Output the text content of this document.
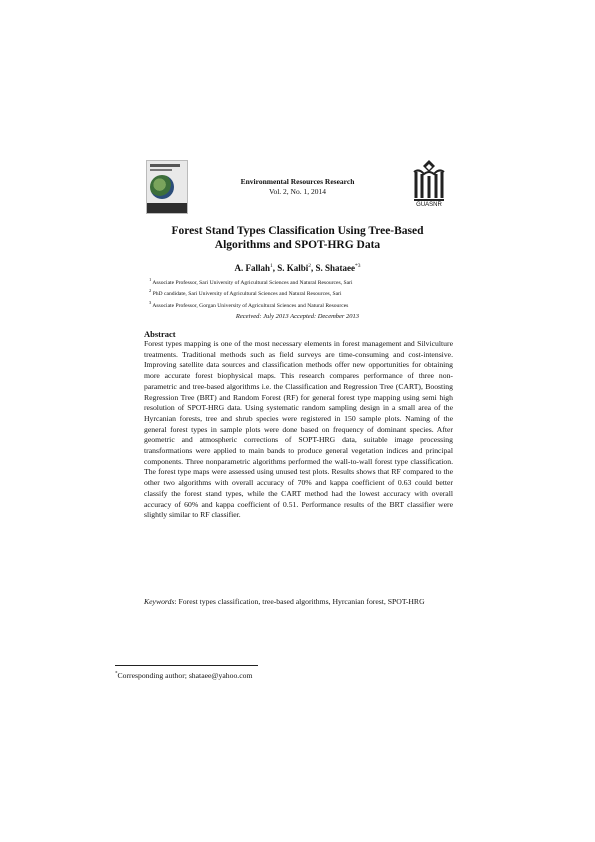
Environmental Resources Research
Vol. 2, No. 1, 2014
GUASNR
Forest Stand Types Classification Using Tree-Based
Algorithms and SPOT-HRG Data
A. Fallah$^1$, S. Kalbi$^2$, S. Shataee$^{*3}$
$^1$ Associate Professor, Sari University of Agricultural Sciences and Natural Resources, Sari
$^2$ PhD candidate, Sari University of Agricultural Sciences and Natural Resources, Sari
$^3$ Associate Professor, Gorgan University of Agricultural Sciences and Natural Resources
Received: July 2013 Accepted: December 2013
Abstract

Forest types mapping is one of the most necessary elements in forest management and Silviculture treatments. Traditional methods such as field surveys are time-consuming and cost-intensive. Improving satellite data sources and classification methods offer new opportunities for obtaining more accurate forest biophysical maps. This research compares performance of three non-parametric and tree-based algorithms i.e. the Classification and Regression Tree (CART), Boosting Regression Tree (BRT) and Random Forest (RF) for general forest type mapping using semi high resolution of SPOT-HRG data. Using systematic random sampling design in a small area of the Hyrcanian forests, tree and shrub species were registered in 150 sample plots. Naming of the general forest types in sample plots were done based on frequency of dominant species. After geometric and atmospheric corrections of SOPT-HRG data, suitable image processing transformations were applied to main bands to produce general vegetation indices and principal components. Three nonparametric algorithms performed the wall-to-wall forest type classification. The forest type maps were assessed using unused test plots. Results shows that RF compared to the other two algorithms with overall accuracy of 70% and kappa coefficient of 0.63 could better classify the forest stand types, while the CART method had the lowest accuracy with overall accuracy of 60% and kappa coefficient of 0.51. Performance results of the BRT classifier were slightly similar to RF classifier.

Keywords: Forest types classification, tree-based algorithms, Hyrcanian forest, SPOT-HRG

*Corresponding author; shataee@yahoo.com
